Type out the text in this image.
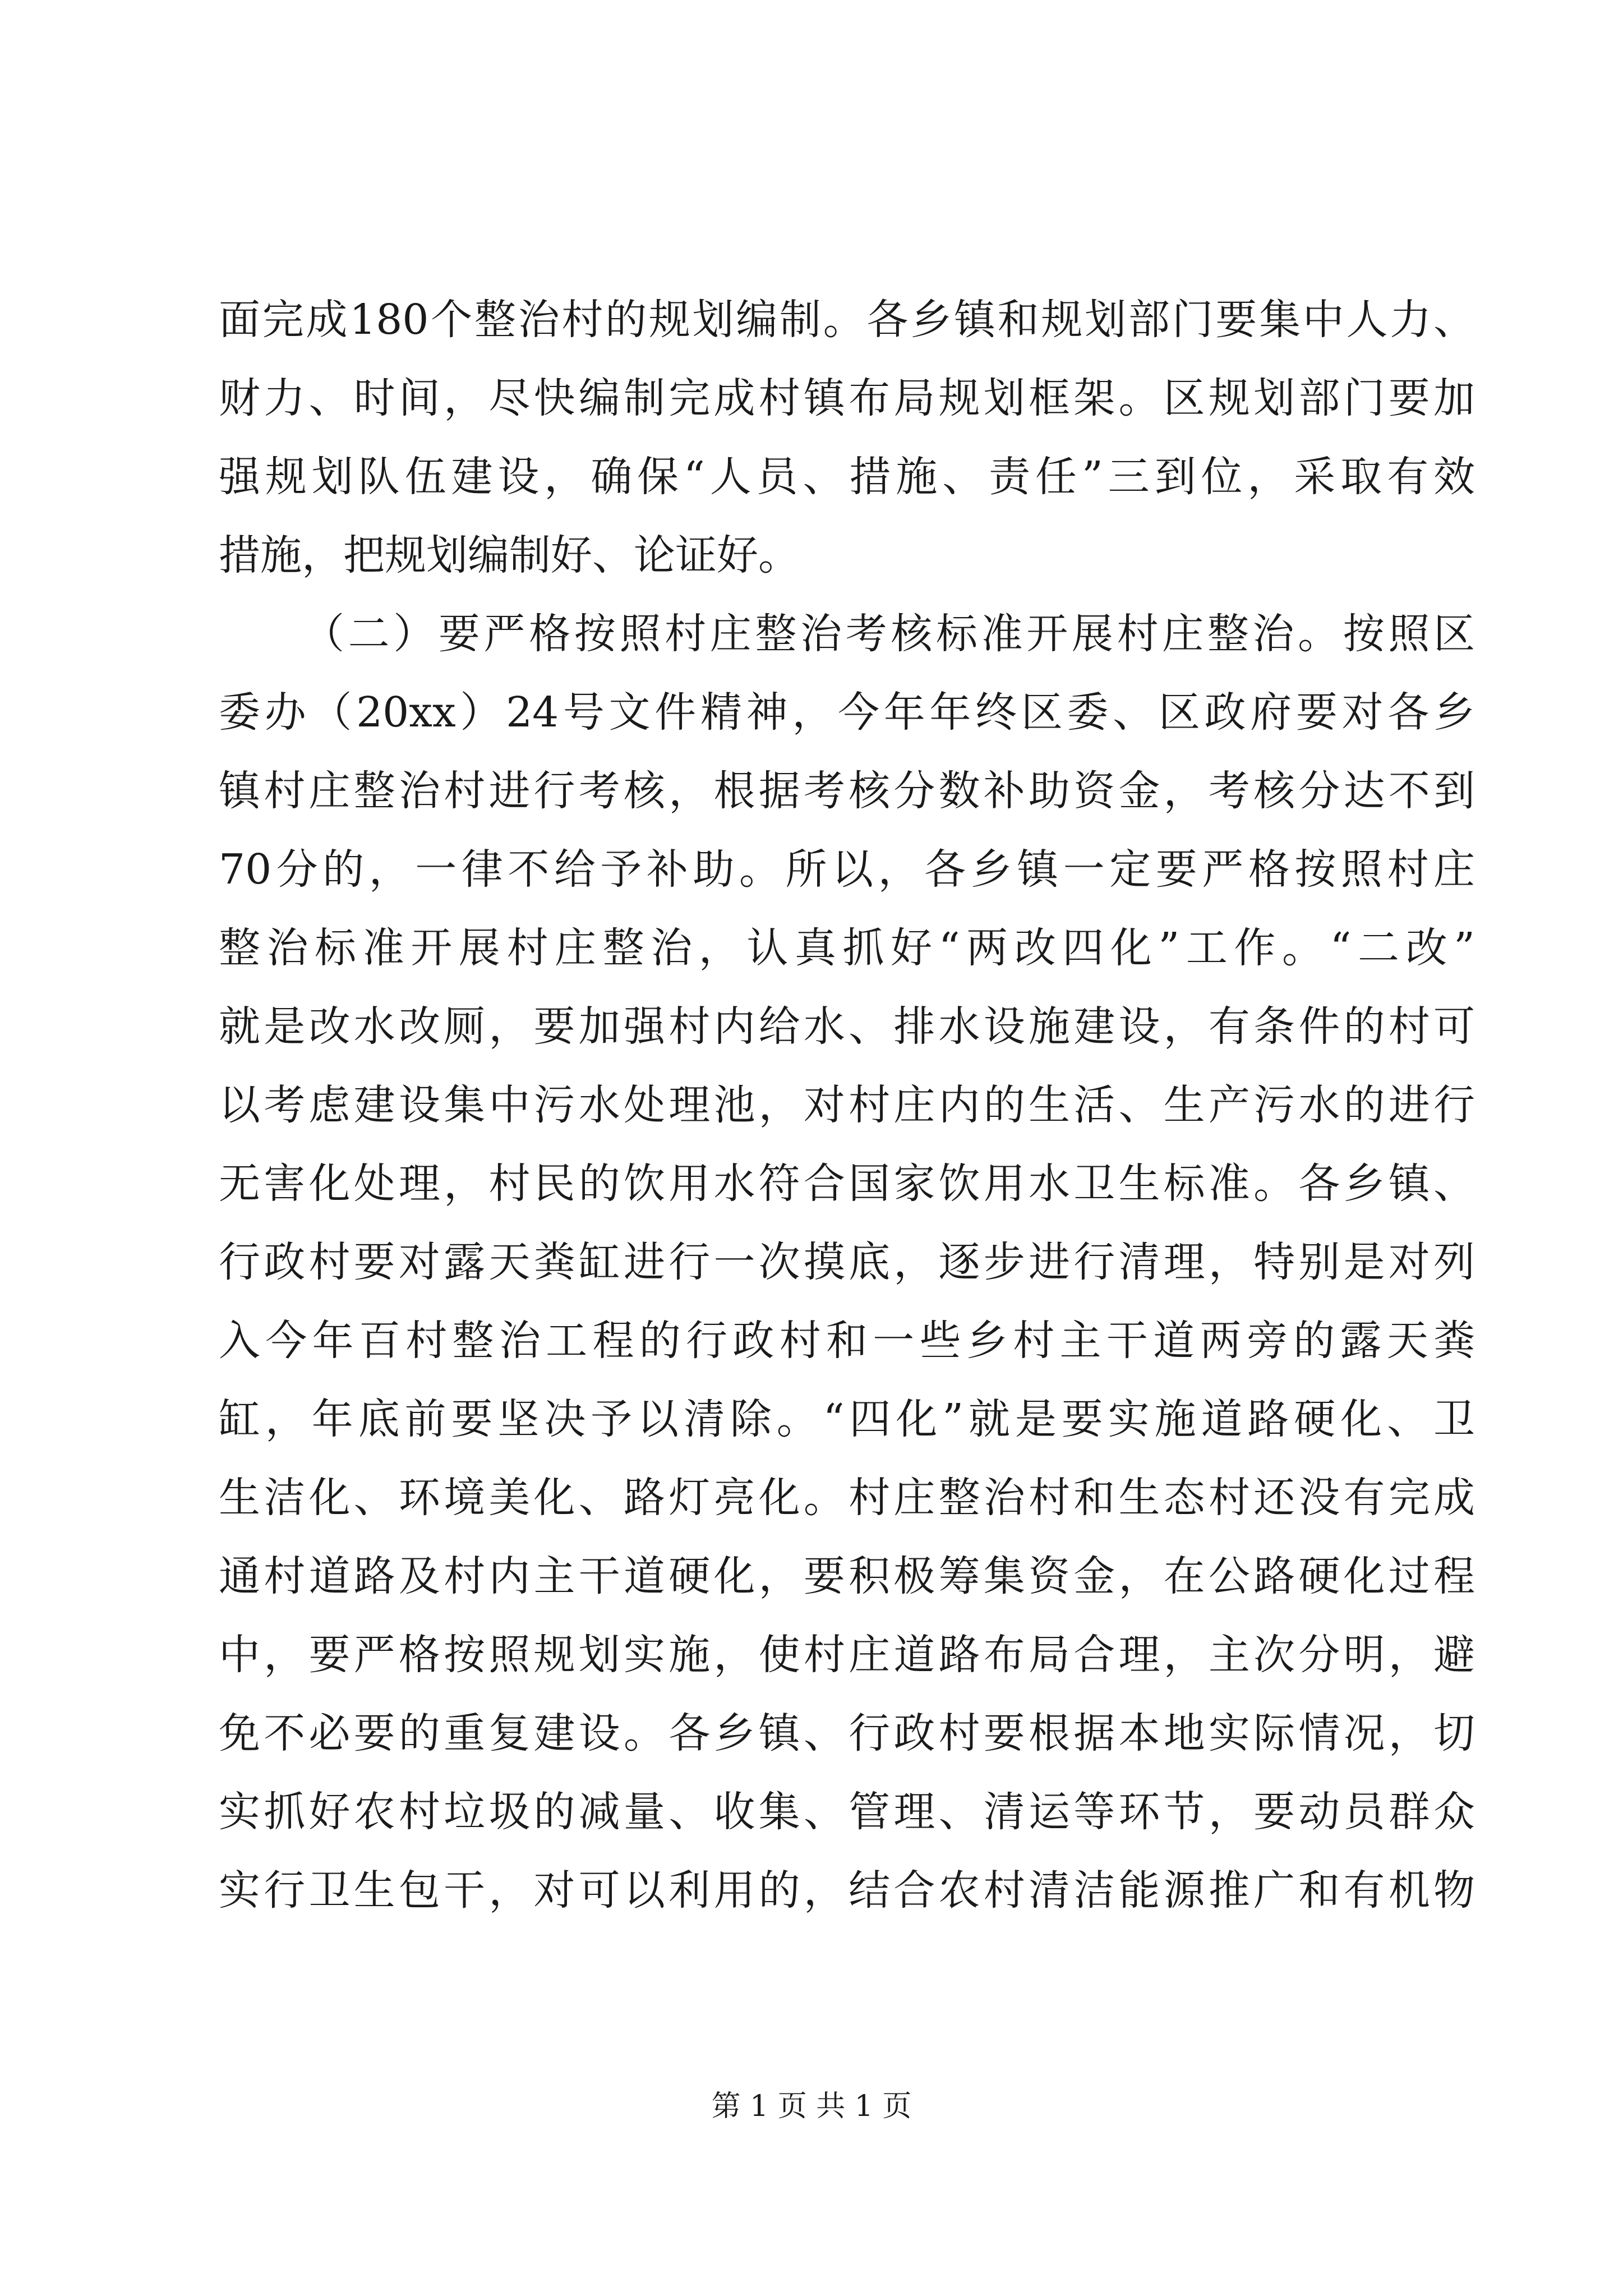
面完成180个整治村的规划编制。各乡镇和规划部门要集中人力、
财力、时间，尽快编制完成村镇布局规划框架。区规划部门要加
强规划队伍建设，确保“人员、措施、责任”三到位，采取有效
措施，把规划编制好、论证好。
（二）要严格按照村庄整治考核标准开展村庄整治。按照区
委办（20xx）24号文件精神，今年年终区委、区政府要对各乡
镇村庄整治村进行考核，根据考核分数补助资金，考核分达不到
70分的，一律不给予补助。所以，各乡镇一定要严格按照村庄
整治标准开展村庄整治，认真抓好“两改四化”工作。“二改”
就是改水改厕，要加强村内给水、排水设施建设，有条件的村可
以考虑建设集中污水处理池，对村庄内的生活、生产污水的进行
无害化处理，村民的饮用水符合国家饮用水卫生标准。各乡镇、
行政村要对露天粪缸进行一次摸底，逐步进行清理，特别是对列
入今年百村整治工程的行政村和一些乡村主干道两旁的露天粪
缸，年底前要坚决予以清除。“四化”就是要实施道路硬化、卫
生洁化、环境美化、路灯亮化。村庄整治村和生态村还没有完成
通村道路及村内主干道硬化，要积极筹集资金，在公路硬化过程
中，要严格按照规划实施，使村庄道路布局合理，主次分明，避
免不必要的重复建设。各乡镇、行政村要根据本地实际情况，切
实抓好农村垃圾的减量、收集、管理、清运等环节，要动员群众
实行卫生包干，对可以利用的，结合农村清洁能源推广和有机物
第 1 页 共 1 页
